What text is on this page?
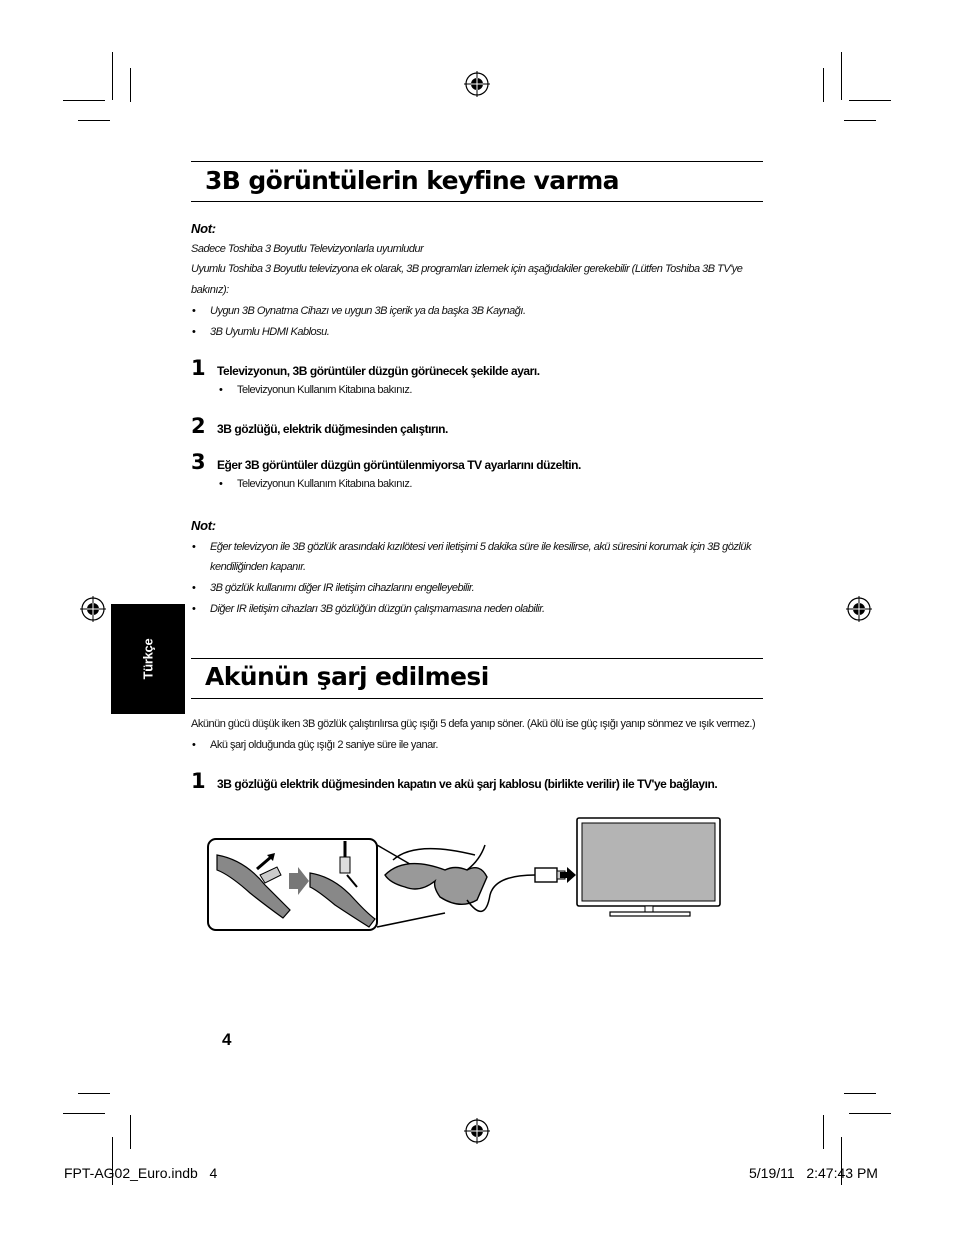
3B görüntülerin keyfine varma
Not:
Sadece Toshiba 3 Boyutlu Televizyonlarla uyumludur
Uyumlu Toshiba 3 Boyutlu televizyona ek olarak, 3B programları izlemek için aşağıdakiler gerekebilir (Lütfen Toshiba 3B TV'ye
bakınız):
• Uygun 3B Oynatma Cihazı ve uygun 3B içerik ya da başka 3B Kaynağı.
• 3B Uyumlu HDMI Kablosu.
1 Televizyonun, 3B görüntüler düzgün görünecek şekilde ayarı.
• Televizyonun Kullanım Kitabına bakınız.
2 3B gözlüğü, elektrik düğmesinden çalıştırın.
3 Eğer 3B görüntüler düzgün görüntülenmiyorsa TV ayarlarını düzeltin.
• Televizyonun Kullanım Kitabına bakınız.
Not:
• Eğer televizyon ile 3B gözlük arasındaki kızılötesi veri iletişimi 5 dakika süre ile kesilirse, akü süresini korumak için 3B gözlük
kendiliğinden kapanır.
• 3B gözlük kullanımı diğer IR iletişim cihazlarını engelleyebilir.
• Diğer IR iletişim cihazları 3B gözlüğün düzgün çalışmamasına neden olabilir.
Türkçe Akünün şarj edilmesi
Akünün gücü düşük iken 3B gözlük çalıştırılırsa güç ışığı 5 defa yanıp söner. (Akü ölü ise güç ışığı yanıp sönmez ve ışık vermez.)
• Akü şarj olduğunda güç ışığı 2 saniye süre ile yanar.
1 3B gözlüğü elektrik düğmesinden kapatın ve akü şarj kablosu (birlikte verilir) ile TV'ye bağlayın.
4
FPT-AG02_Euro.indb   4	5/19/11   2:47:43 PM
